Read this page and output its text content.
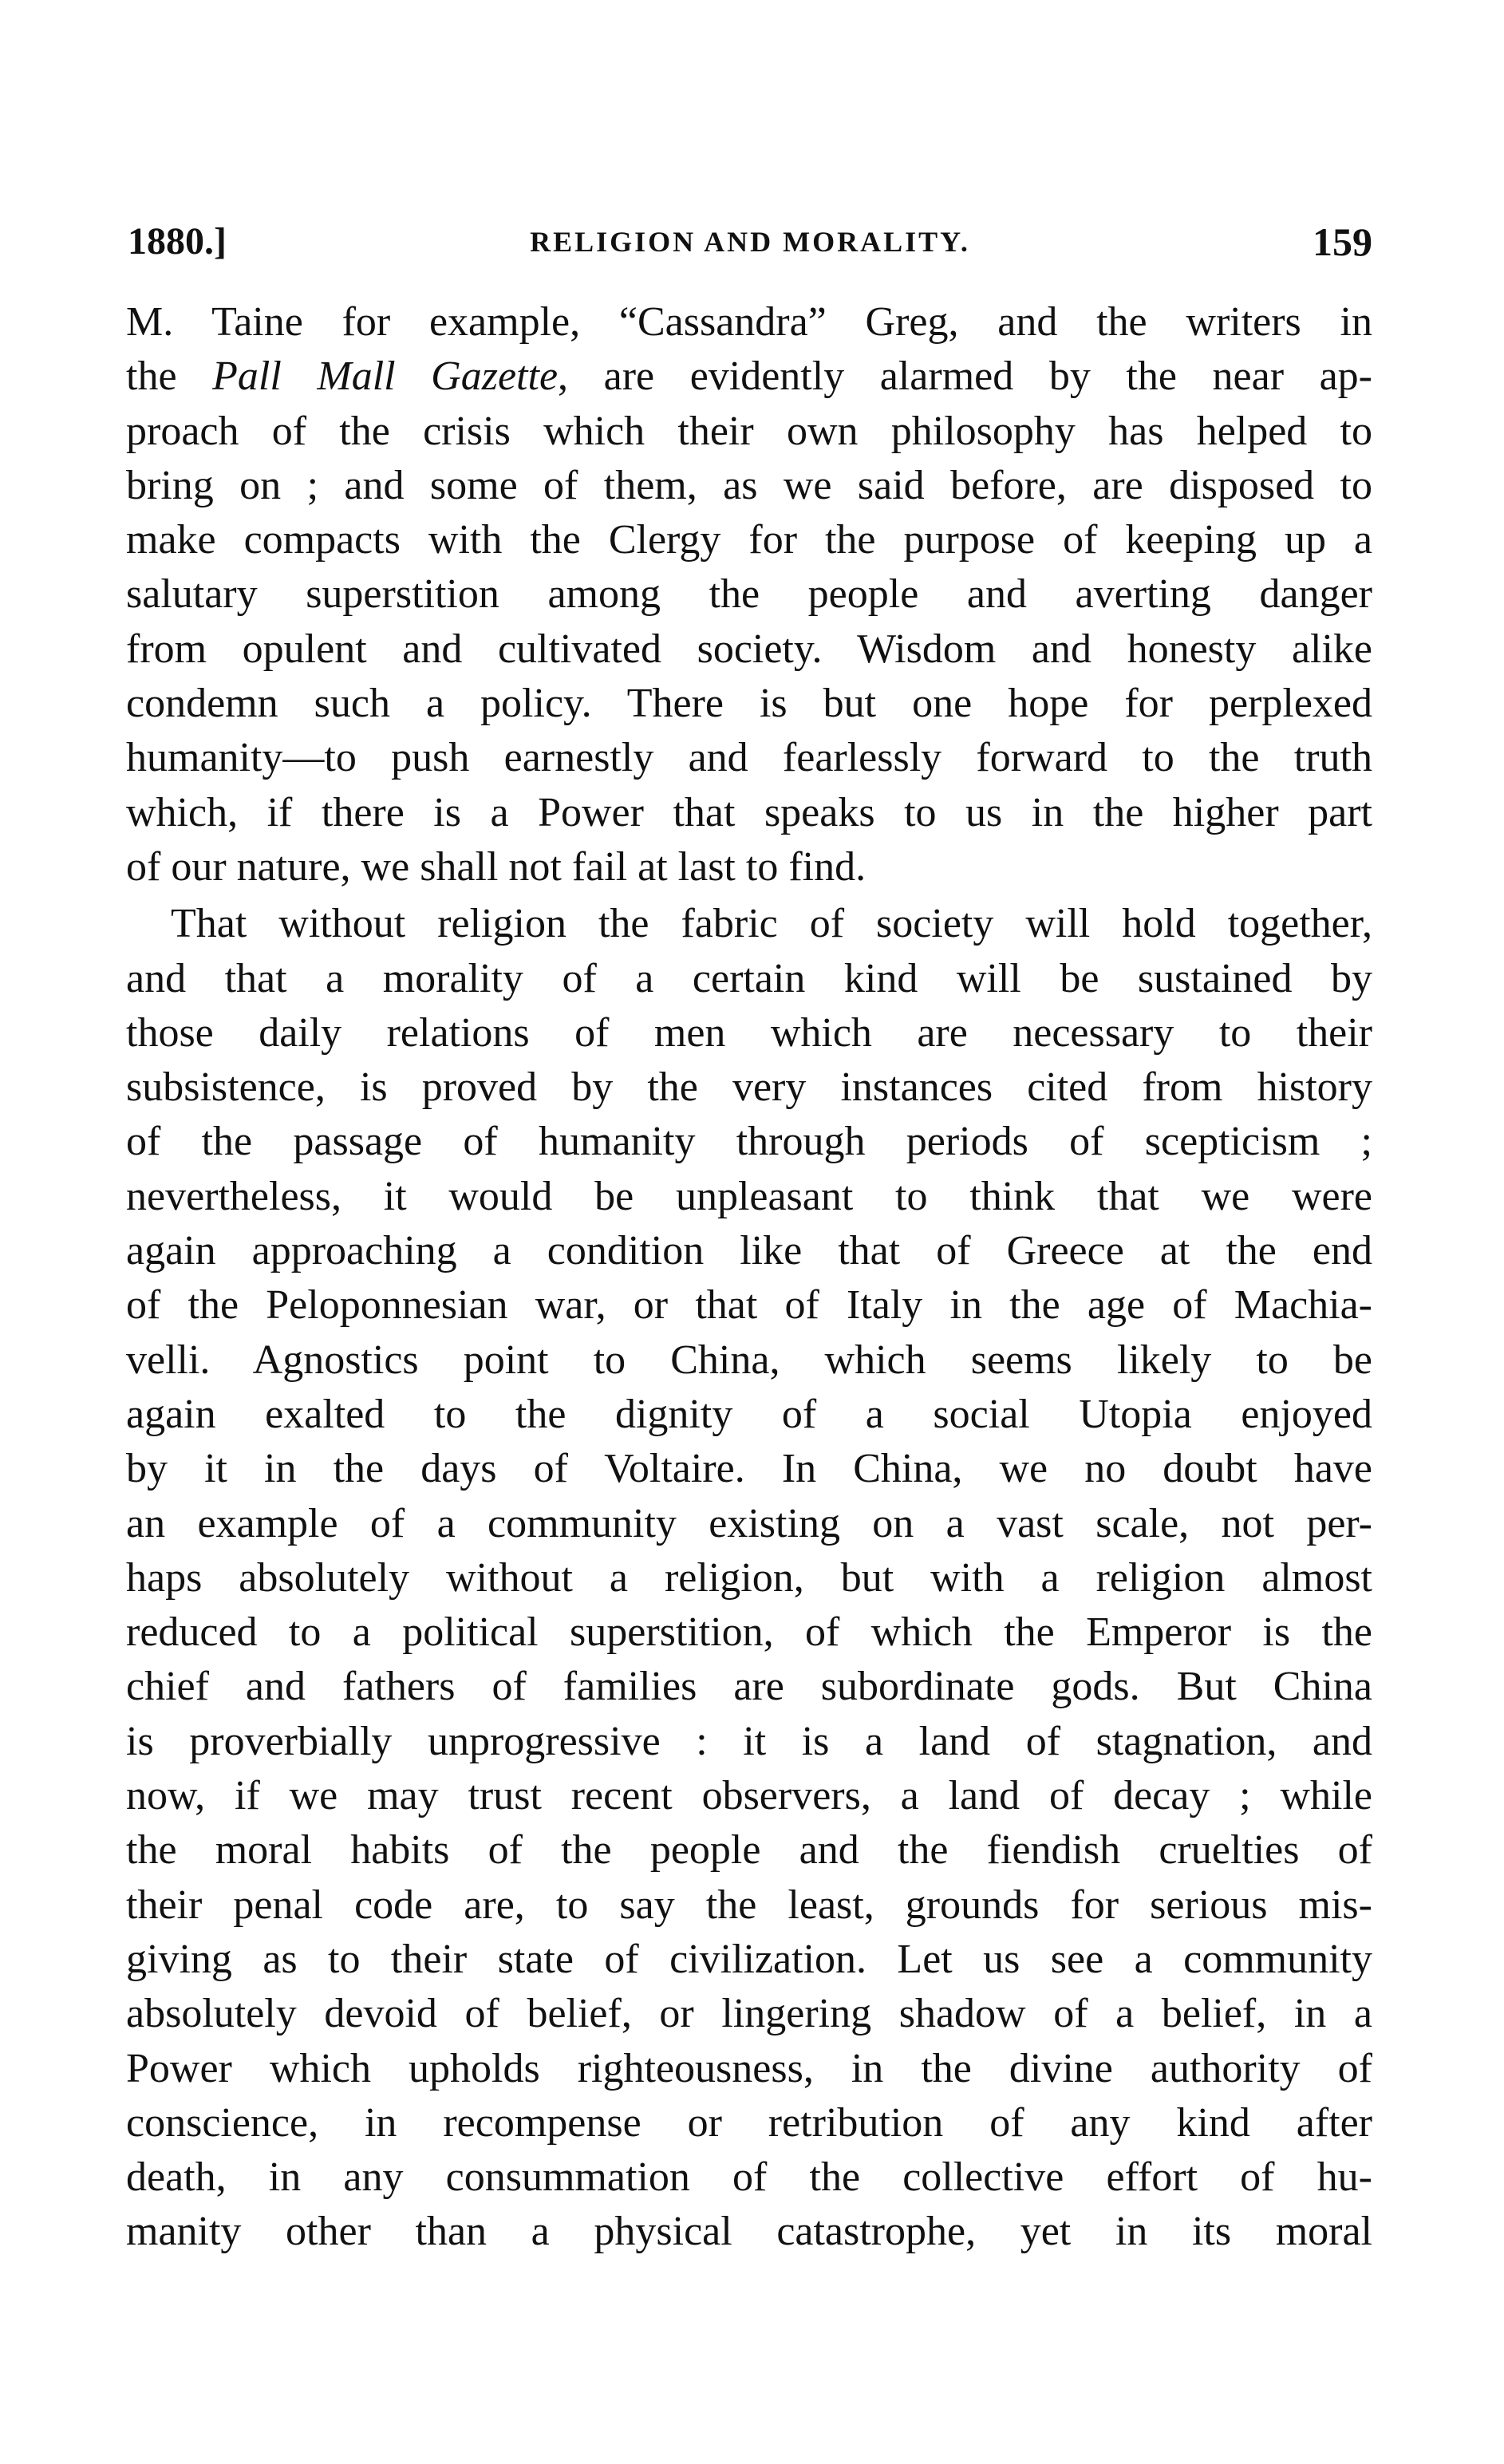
1880.]	RELIGION AND MORALITY.	159
M. Taine for example, “Cassandra” Greg, and the writers in
the Pall Mall Gazette, are evidently alarmed by the near ap-
proach of the crisis which their own philosophy has helped to
bring on ; and some of them, as we said before, are disposed to
make compacts with the Clergy for the purpose of keeping up a
salutary superstition among the people and averting danger
from opulent and cultivated society. Wisdom and honesty alike
condemn such a policy. There is but one hope for perplexed
humanity—to push earnestly and fearlessly forward to the truth
which, if there is a Power that speaks to us in the higher part
of our nature, we shall not fail at last to find.
That without religion the fabric of society will hold together,
and that a morality of a certain kind will be sustained by
those daily relations of men which are necessary to their
subsistence, is proved by the very instances cited from history
of the passage of humanity through periods of scepticism ;
nevertheless, it would be unpleasant to think that we were
again approaching a condition like that of Greece at the end
of the Peloponnesian war, or that of Italy in the age of Machia-
velli. Agnostics point to China, which seems likely to be
again exalted to the dignity of a social Utopia enjoyed
by it in the days of Voltaire. In China, we no doubt have
an example of a community existing on a vast scale, not per-
haps absolutely without a religion, but with a religion almost
reduced to a political superstition, of which the Emperor is the
chief and fathers of families are subordinate gods. But China
is proverbially unprogressive : it is a land of stagnation, and
now, if we may trust recent observers, a land of decay ; while
the moral habits of the people and the fiendish cruelties of
their penal code are, to say the least, grounds for serious mis-
giving as to their state of civilization. Let us see a community
absolutely devoid of belief, or lingering shadow of a belief, in a
Power which upholds righteousness, in the divine authority of
conscience, in recompense or retribution of any kind after
death, in any consummation of the collective effort of hu-
manity other than a physical catastrophe, yet in its moral
